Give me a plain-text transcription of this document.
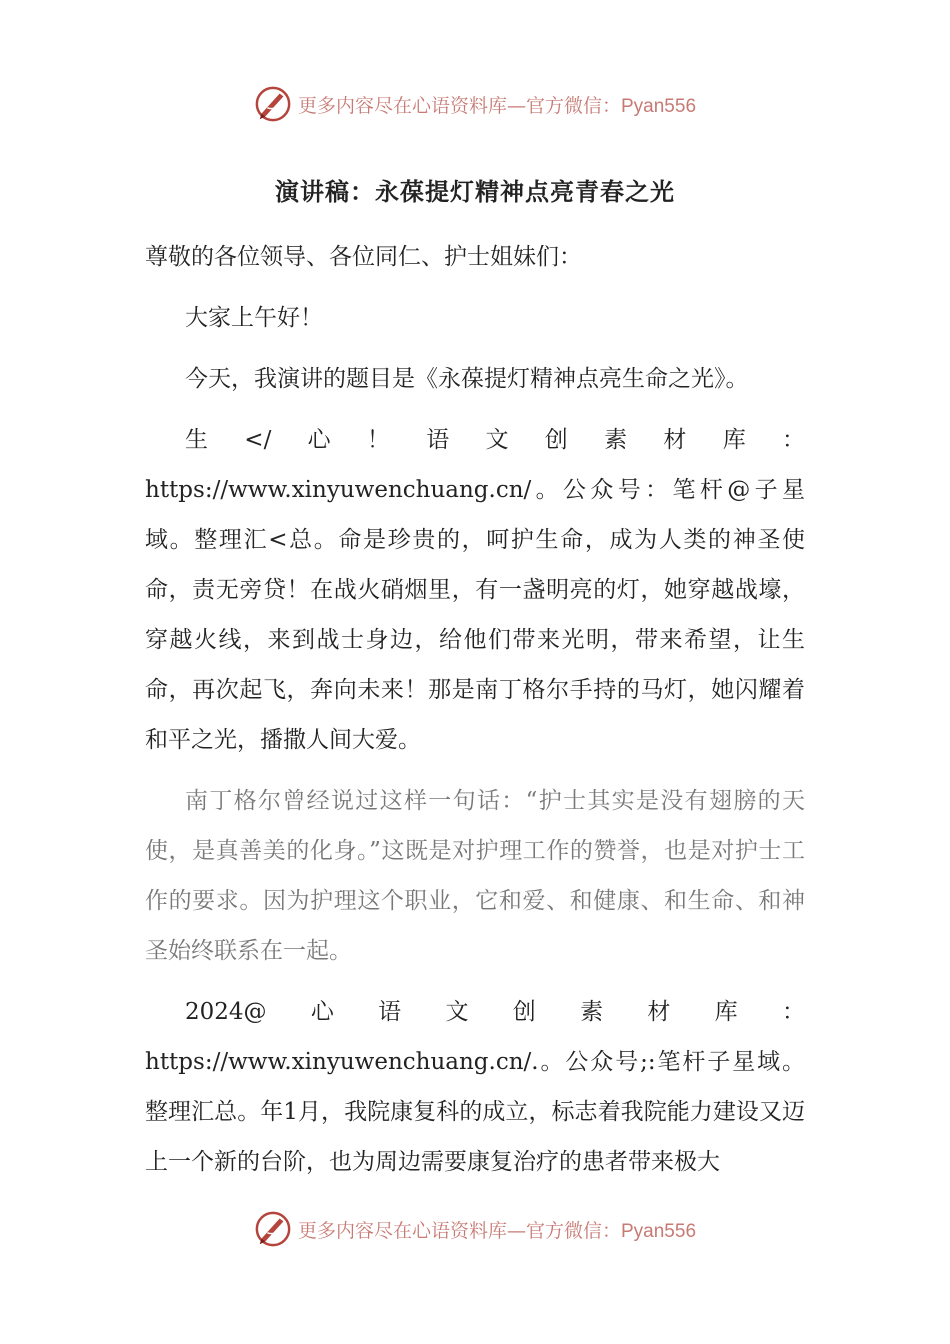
更多内容尽在心语资料库—官方微信：Pyan556
演讲稿：永葆提灯精神点亮青春之光

尊敬的各位领导、各位同仁、护士姐妹们：

大家上午好！

今天，我演讲的题目是《永葆提灯精神点亮生命之光》。

生</心！语文创素材库：https://www.xinyuwenchuang.cn/。公众号：笔杆@子星域。整理汇<总。命是珍贵的，呵护生命，成为人类的神圣使命，责无旁贷！在战火硝烟里，有一盏明亮的灯，她穿越战壕，穿越火线，来到战士身边，给他们带来光明，带来希望，让生命，再次起飞，奔向未来！那是南丁格尔手持的马灯，她闪耀着和平之光，播撒人间大爱。

南丁格尔曾经说过这样一句话：“护士其实是没有翅膀的天使，是真善美的化身。”这既是对护理工作的赞誉，也是对护士工作的要求。因为护理这个职业，它和爱、和健康、和生命、和神圣始终联系在一起。

2024@心语文创素材库：https://www.xinyuwenchuang.cn/.。公众号;:笔杆子星域。整理汇总。年1月，我院康复科的成立，标志着我院能力建设又迈上一个新的台阶，也为周边需要康复治疗的患者带来极大

更多内容尽在心语资料库—官方微信：Pyan556
